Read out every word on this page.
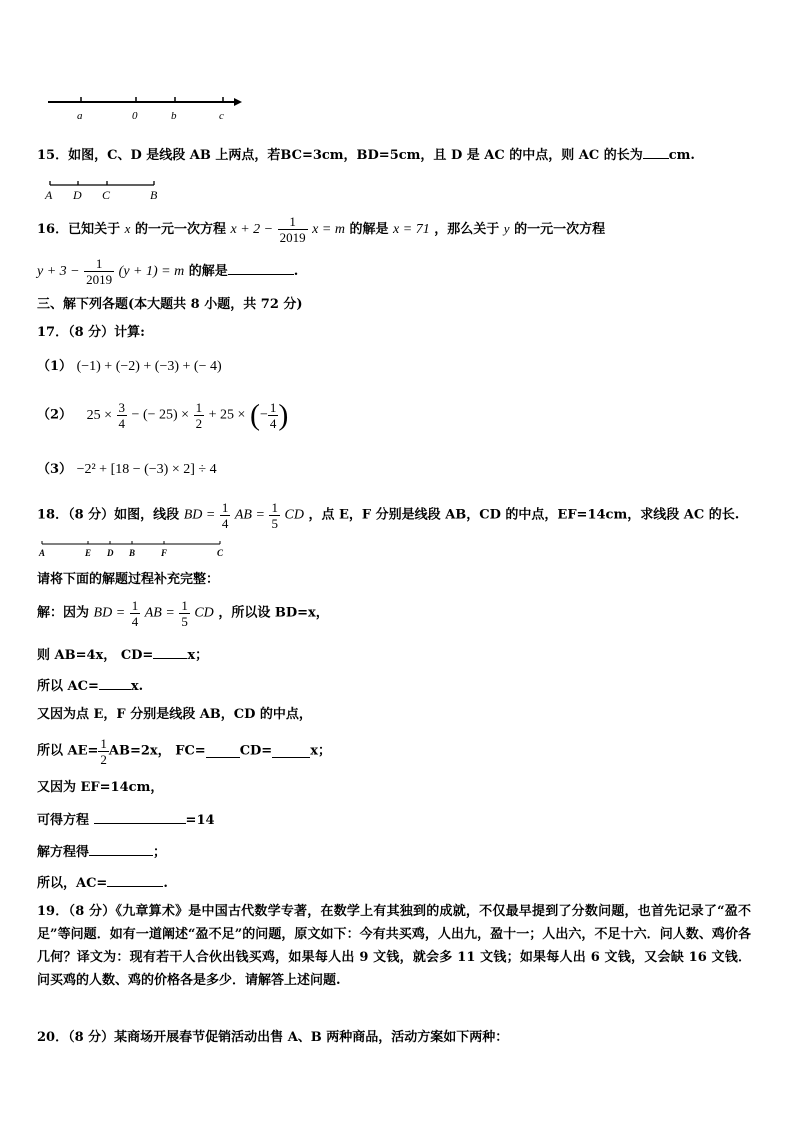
a	0	b	c
15．如图，C、D 是线段 AB 上两点，若BC=3cm，BD=5cm，且 D 是 AC 的中点，则 AC 的长为 cm.
A D C	B
16．已知关于 x 的一元一次方程 $x + 2 - \frac{1}{2019}$ x = m 的解是 x = 71 ，那么关于 y 的一元一次方程
$y + 3 - \frac{1}{2019} (y + 1) = m$ 的解是	.
三、解下列各题(本大题共 8 小题，共 72 分)
17．（8 分）计算:
（1） (−1) + (−2) + (−3) + (− 4)
（2） $25 \times \frac{3}{4}$ − (− $25) \times \frac{1}{2} + 25$ × (− $\frac{1}{4}$ )
（3） −2² + [18 − (−3) × 2] ÷ 4
18．（8 分）如图，线段 BD = $\frac{1}{4}$ AB = $\frac{1}{5}$ CD ，点 E，F 分别是线段 AB，CD 的中点，EF=14cm，求线段 AC 的长.
A	E D B	F	C
请将下面的解题过程补充完整：
解：因为 BD = $\frac{1}{4}$ AB = $\frac{1}{5}$ CD ，所以设 BD=x，
则 AB=4x， CD=	x；
所以 AC= x.
又因为点 E，F 分别是线段 AB，CD 的中点，
所以 $AE= \frac{1}{2} AB=2x$， FC=	CD=	x；
又因为 EF=14cm，
可得方程	=14
解方程得	；
所以，AC=	.
19．（8 分）《九章算术》是中国古代数学专著，在数学上有其独到的成就，不仅最早提到了分数问题，也首先记录了“盈不足”等问题．如有一道阐述“盈不足”的问题，原文如下：今有共买鸡，人出九，盈十一；人出六，不足十六．问人数、鸡价各几何？译文为：现有若干人合伙出钱买鸡，如果每人出 9 文钱，就会多 11 文钱；如果每人出 6 文钱，又会缺 16 文钱．问买鸡的人数、鸡的价格各是多少．请解答上述问题.
20．（8 分）某商场开展春节促销活动出售 A、B 两种商品，活动方案如下两种：
